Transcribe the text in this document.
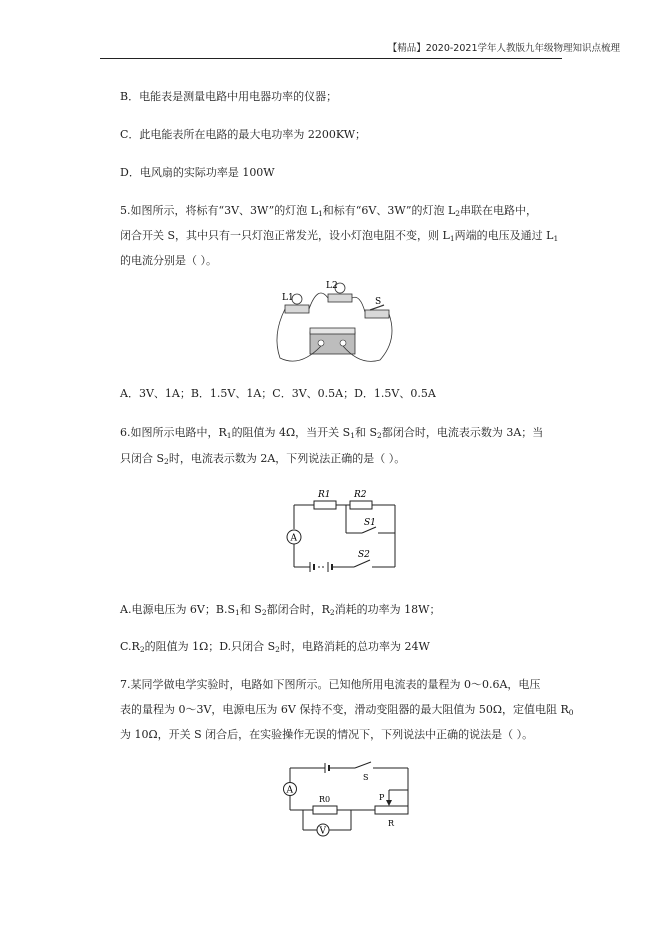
【精品】2020-2021学年人教版九年级物理知识点梳理
B．电能表是测量电路中用电器功率的仪器；
C．此电能表所在电路的最大电功率为 2200KW；
D．电风扇的实际功率是 100W
5.如图所示，将标有“3V、3W”的灯泡 L1和标有“6V、3W”的灯泡 L2串联在电路中，
闭合开关 S，其中只有一只灯泡正常发光，设小灯泡电阻不变，则 L1两端的电压及通过 L1
的电流分别是（ ）。
L1
L2
S
A．3V、1A；B．1.5V、1A；C．3V、0.5A；D．1.5V、0.5A
6.如图所示电路中，R1的阻值为 4Ω，当开关 S1和 S2都闭合时，电流表示数为 3A；当
只闭合 S2时，电流表示数为 2A，下列说法正确的是（ ）。
A
R1	R2
S1
S2
A.电源电压为 6V；B.S1和 S2都闭合时，R2消耗的功率为 18W；
C.R2的阻值为 1Ω；D.只闭合 S2时，电路消耗的总功率为 24W
7.某同学做电学实验时，电路如下图所示。已知他所用电流表的量程为 0～0.6A，电压
表的量程为 0～3V，电源电压为 6V 保持不变，滑动变阻器的最大阻值为 50Ω，定值电阻 R0
为 10Ω，开关 S 闭合后，在实验操作无误的情况下，下列说法中正确的说法是（ ）。
A
V
S
R0	P
R
